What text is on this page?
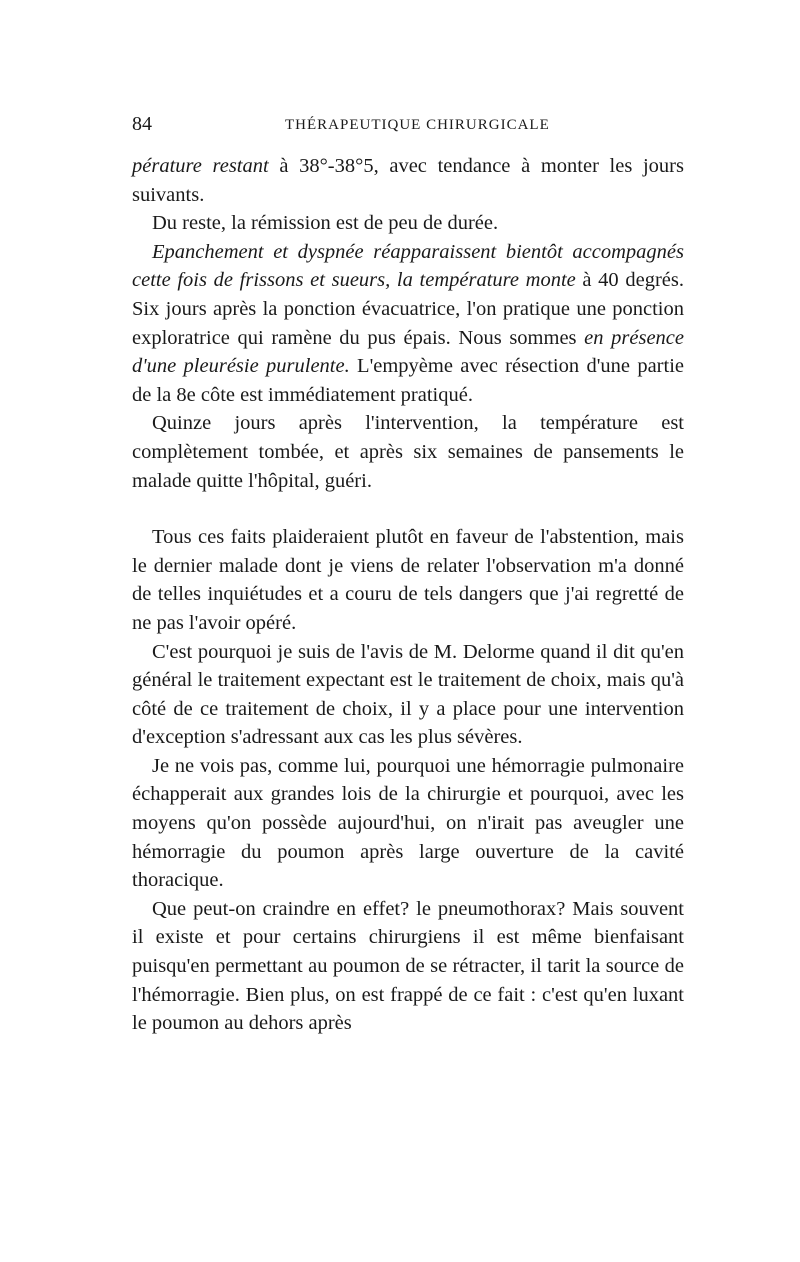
84	THÉRAPEUTIQUE CHIRURGICALE

pérature restant à 38°-38°5, avec tendance à monter les jours suivants.

Du reste, la rémission est de peu de durée.

Epanchement et dyspnée réapparaissent bientôt accompagnés cette fois de frissons et sueurs, la température monte à 40 degrés. Six jours après la ponction évacuatrice, l'on pratique une ponction exploratrice qui ramène du pus épais. Nous sommes en présence d'une pleurésie purulente. L'empyème avec résection d'une partie de la 8e côte est immédiatement pratiqué.

Quinze jours après l'intervention, la température est complètement tombée, et après six semaines de pansements le malade quitte l'hôpital, guéri.

Tous ces faits plaideraient plutôt en faveur de l'abstention, mais le dernier malade dont je viens de relater l'observation m'a donné de telles inquiétudes et a couru de tels dangers que j'ai regretté de ne pas l'avoir opéré.

C'est pourquoi je suis de l'avis de M. Delorme quand il dit qu'en général le traitement expectant est le traitement de choix, mais qu'à côté de ce traitement de choix, il y a place pour une intervention d'exception s'adressant aux cas les plus sévères.

Je ne vois pas, comme lui, pourquoi une hémorragie pulmonaire échapperait aux grandes lois de la chirurgie et pourquoi, avec les moyens qu'on possède aujourd'hui, on n'irait pas aveugler une hémorragie du poumon après large ouverture de la cavité thoracique.

Que peut-on craindre en effet? le pneumothorax? Mais souvent il existe et pour certains chirurgiens il est même bienfaisant puisqu'en permettant au poumon de se rétracter, il tarit la source de l'hémorragie. Bien plus, on est frappé de ce fait : c'est qu'en luxant le poumon au dehors après
